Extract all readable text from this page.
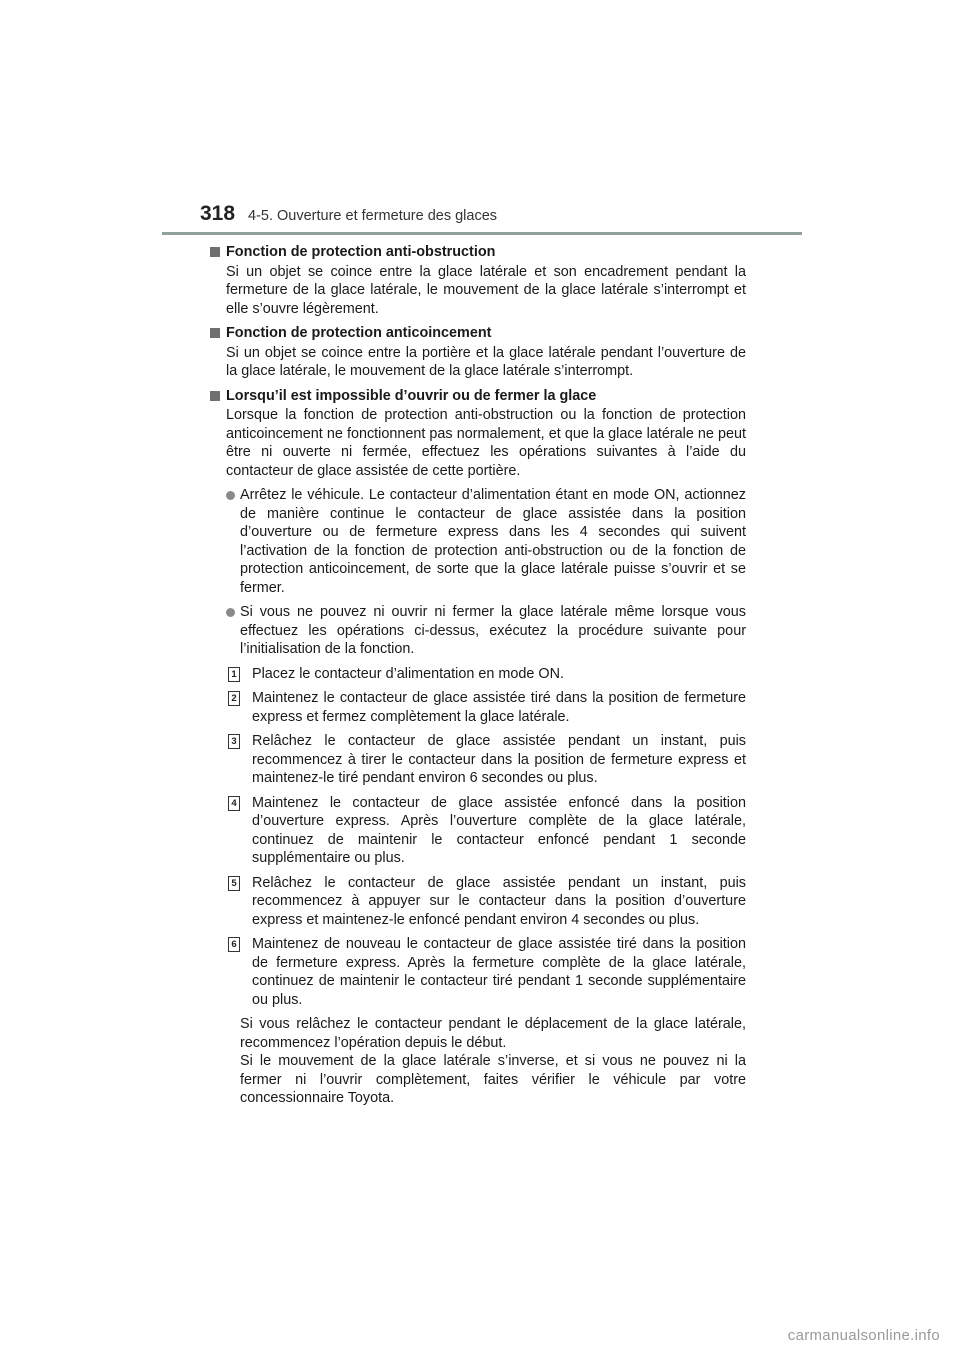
318 4-5. Ouverture et fermeture des glaces
Fonction de protection anti-obstruction

Si un objet se coince entre la glace latérale et son encadrement pendant la fermeture de la glace latérale, le mouvement de la glace latérale s’interrompt et elle s’ouvre légèrement.

Fonction de protection anticoincement

Si un objet se coince entre la portière et la glace latérale pendant l’ouverture de la glace latérale, le mouvement de la glace latérale s’interrompt.

Lorsqu’il est impossible d’ouvrir ou de fermer la glace

Lorsque la fonction de protection anti-obstruction ou la fonction de protection anticoincement ne fonctionnent pas normalement, et que la glace latérale ne peut être ni ouverte ni fermée, effectuez les opérations suivantes à l’aide du contacteur de glace assistée de cette portière.

Arrêtez le véhicule. Le contacteur d’alimentation étant en mode ON, actionnez de manière continue le contacteur de glace assistée dans la position d’ouverture ou de fermeture express dans les 4 secondes qui suivent l’activation de la fonction de protection anti-obstruction ou de la fonction de protection anticoincement, de sorte que la glace latérale puisse s’ouvrir et se fermer.
Si vous ne pouvez ni ouvrir ni fermer la glace latérale même lorsque vous effectuez les opérations ci-dessus, exécutez la procédure suivante pour l’initialisation de la fonction.
1 Placez le contacteur d’alimentation en mode ON.
2 Maintenez le contacteur de glace assistée tiré dans la position de fermeture express et fermez complètement la glace latérale.
3 Relâchez le contacteur de glace assistée pendant un instant, puis recommencez à tirer le contacteur dans la position de fermeture express et maintenez-le tiré pendant environ 6 secondes ou plus.
4 Maintenez le contacteur de glace assistée enfoncé dans la position d’ouverture express. Après l’ouverture complète de la glace latérale, continuez de maintenir le contacteur enfoncé pendant 1 seconde supplémentaire ou plus.
5 Relâchez le contacteur de glace assistée pendant un instant, puis recommencez à appuyer sur le contacteur dans la position d’ouverture express et maintenez-le enfoncé pendant environ 4 secondes ou plus.
6 Maintenez de nouveau le contacteur de glace assistée tiré dans la position de fermeture express. Après la fermeture complète de la glace latérale, continuez de maintenir le contacteur tiré pendant 1 seconde supplémentaire ou plus.

Si vous relâchez le contacteur pendant le déplacement de la glace latérale, recommencez l’opération depuis le début.

Si le mouvement de la glace latérale s’inverse, et si vous ne pouvez ni la fermer ni l’ouvrir complètement, faites vérifier le véhicule par votre concessionnaire Toyota.

carmanualsonline.info
